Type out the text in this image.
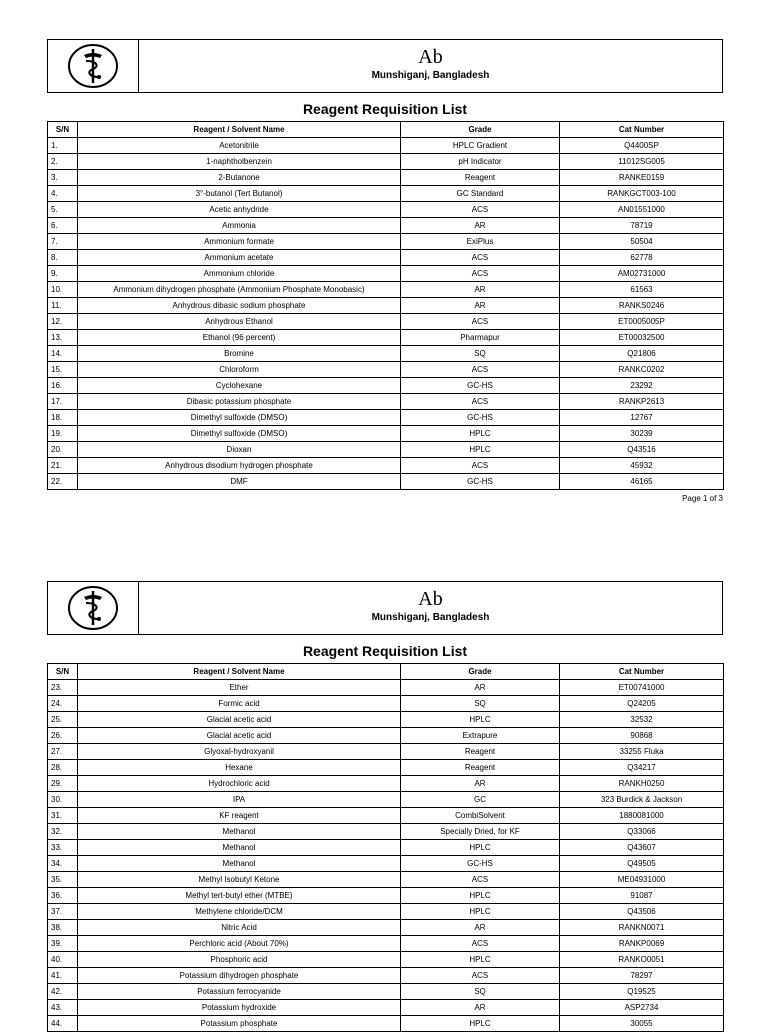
Ab
Munshiganj, Bangladesh
Reagent Requisition List
S/N	Reagent / Solvent Name	Grade	Cat Number
1.	Acetonitrile	HPLC Gradient	Q4400SP
2.	1-naphtholbenzein	pH Indicator	11012SG005
3.	2-Butanone	Reagent	RANKE0159
4.	3°-butanol (Tert Butanol)	GC Standard	RANKGCT003-100
5.	Acetic anhydride	ACS	AN01551000
6.	Ammonia	AR	78719
7.	Ammonium formate	ExiPlus	50504
8.	Ammonium acetate	ACS	62778
9.	Ammonium chloride	ACS	AM02731000
10.	Ammonium dihydrogen phosphate (Ammonium Phosphate Monobasic)	AR	61563
11.	Anhydrous dibasic sodium phosphate	AR	RANKS0246
12.	Anhydrous Ethanol	ACS	ET0005005P
13.	Ethanol (96 percent)	Pharmapur	ET00032500
14.	Bromine	SQ	Q21806
15.	Chloroform	ACS	RANKC0202
16.	Cyclohexane	GC-HS	23292
17.	Dibasic potassium phosphate	ACS	RANKP2613
18.	Dimethyl sulfoxide (DMSO)	GC-HS	12767
19.	Dimethyl sulfoxide (DMSO)	HPLC	30239
20.	Dioxan	HPLC	Q43516
21.	Anhydrous disodium hydrogen phosphate	ACS	45932
22.	DMF	GC-HS	46165
Page 1 of 3
Ab
Munshiganj, Bangladesh
Reagent Requisition List
S/N	Reagent / Solvent Name	Grade	Cat Number
23.	Ether	AR	ET00741000
24.	Formic acid	SQ	Q24205
25.	Glacial acetic acid	HPLC	32532
26.	Glacial acetic acid	Extrapure	90868
27.	Glyoxal-hydroxyanil	Reagent	33255 Fluka
28.	Hexane	Reagent	Q34217
29.	Hydrochloric acid	AR	RANKH0250
30.	IPA	GC	323 Burdick & Jackson
31.	KF reagent	CombiSolvent	1880081000
32.	Methanol	Specially Dried, for KF	Q33066
33.	Methanol	HPLC	Q43607
34.	Methanol	GC-HS	Q49505
35.	Methyl Isobutyl Ketone	ACS	ME04931000
36.	Methyl tert-butyl ether (MTBE)	HPLC	91087
37.	Methylene chloride/DCM	HPLC	Q43506
38.	Nitric Acid	AR	RANKN0071
39.	Perchloric acid (About 70%)	ACS	RANKP0069
40.	Phosphoric acid	HPLC	RANKO0051
41.	Potassium dihydrogen phosphate	ACS	78297
42.	Potassium ferrocyanide	SQ	Q19525
43.	Potassium hydroxide	AR	ASP2734
44.	Potassium phosphate	HPLC	30055
